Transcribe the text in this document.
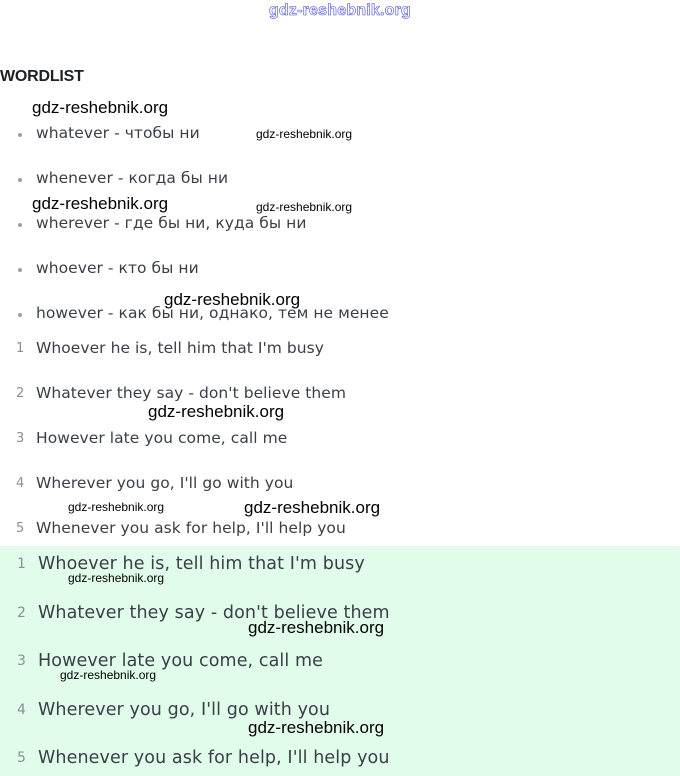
gdz-reshebnik.org
WORDLIST
whatever - чтобы ни
whenever - когда бы ни
wherever - где бы ни, куда бы ни
whoever - кто бы ни
however - как бы ни, однако, тем не менее
1 Whoever he is, tell him that I'm busy
2 Whatever they say - don't believe them
3 However late you come, call me
4 Wherever you go, I'll go with you
5 Whenever you ask for help, I'll help you
1 Whoever he is, tell him that I'm busy
2 Whatever they say - don't believe them
3 However late you come, call me
4 Wherever you go, I'll go with you
5 Whenever you ask for help, I'll help you
gdz-reshebnik.org
gdz-reshebnik.org
gdz-reshebnik.org	gdz-reshebnik.org
gdz-reshebnik.org
gdz-reshebnik.org
gdz-reshebnik.org	gdz-reshebnik.org
gdz-reshebnik.org
gdz-reshebnik.org
gdz-reshebnik.org
gdz-reshebnik.org
